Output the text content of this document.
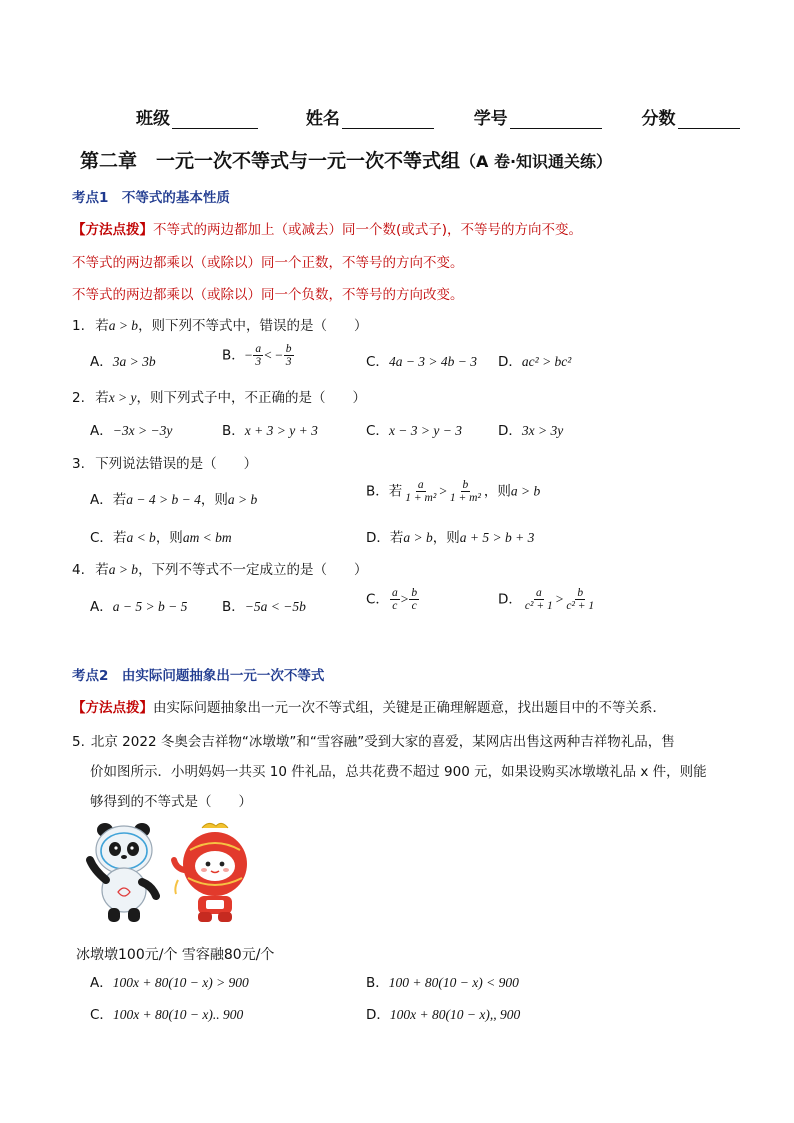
班级	姓名	学号	分数
第二章　一元一次不等式与一元一次不等式组（A 卷·知识通关练）
考点1　不等式的基本性质
【方法点拨】不等式的两边都加上（或减去）同一个数(或式子)，不等号的方向不变。
不等式的两边都乘以（或除以）同一个正数，不等号的方向不变。
不等式的两边都乘以（或除以）同一个负数，不等号的方向改变。
1. 若a > b，则下列不等式中，错误的是（　　）
A．3a > 3b	B．− $\frac{a}{3}$ < − $\frac{b}{3}$	C．4a − 3 > 4b − 3 D．ac² > bc²
2. 若x > y，则下列式子中，不正确的是（　　）
A．−3x > −3y	B．x + 3 > y + 3	C．x − 3 > y − 3	D．3x > 3y
3. 下列说法错误的是（　　）
A．若a − 4 > b − 4，则a > b	B．若 $\frac{a}{\text{1 + m²}} > \frac{b}{\text{1 + m²}}$ ，则a > b
C．若a < b，则am < bm	D．若a > b，则a + 5 > b + 3
4. 若a > b，下列不等式不一定成立的是（　　）
A．a − 5 > b − 5	B．−5a < −5b	C． $\frac{a}{c} > \frac{b}{c}$	D． $\frac{a}{\text{c² + 1}} > \frac{b}{\text{c² + 1}}$
考点2　由实际问题抽象出一元一次不等式
【方法点拨】由实际问题抽象出一元一次不等式组，关键是正确理解题意，找出题目中的不等关系．
5. 北京 2022 冬奥会吉祥物“冰墩墩”和“雪容融”受到大家的喜爱，某网店出售这两种吉祥物礼品，售
价如图所示．小明妈妈一共买 10 件礼品，总共花费不超过 900 元，如果设购买冰墩墩礼品 x 件，则能
够得到的不等式是（　　）
冰墩墩100元/个 雪容融80元/个
A．100x + 80(10 − x) > 900	B．100 + 80(10 − x) < 900
C．100x + 80(10 − x).. 900	D．100x + 80(10 − x),, 900
